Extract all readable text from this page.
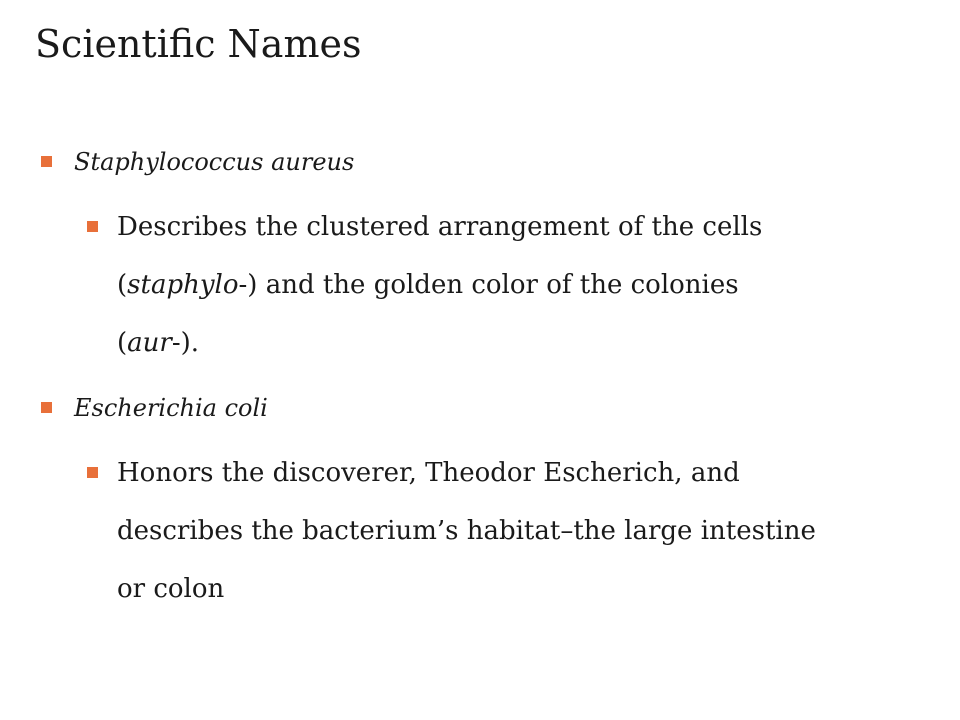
Scientific Names
Staphylococcus aureus
Describes the clustered arrangement of the cells
(staphylo-) and the golden color of the colonies
(aur-).
Escherichia coli
Honors the discoverer, Theodor Escherich, and
describes the bacterium’s habitat–the large intestine
or colon
